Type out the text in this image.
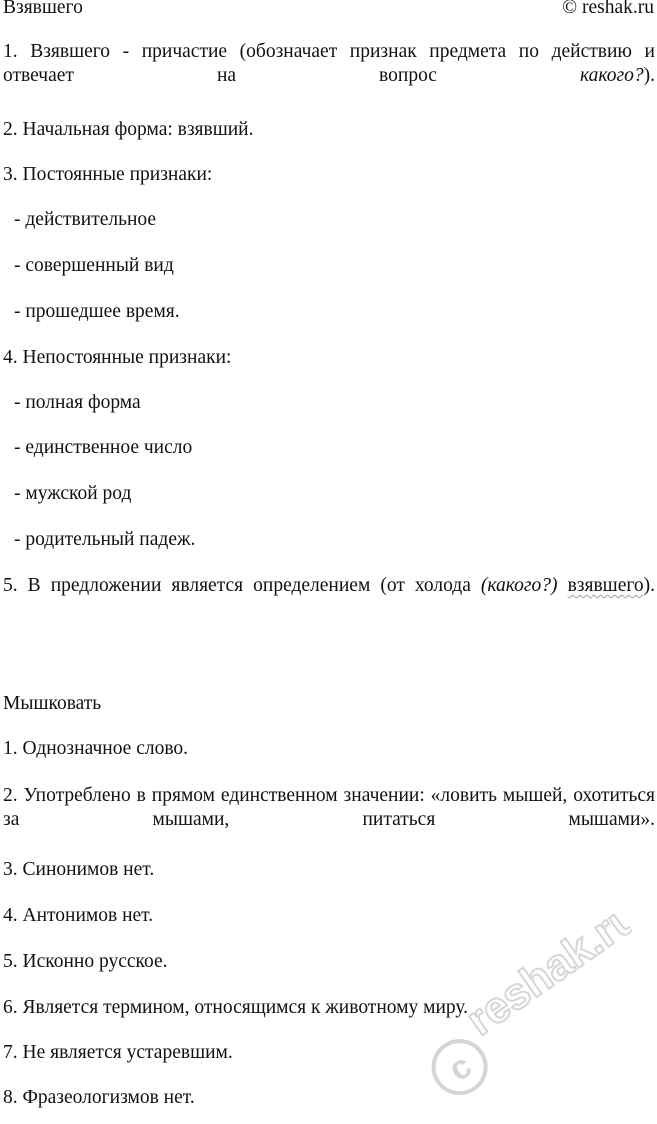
Взявшего	© reshak.ru
1. Взявшего - причастие (обозначает признак предмета по действию и отвечает на вопрос какого?).
2. Начальная форма: взявший.
3. Постоянные признаки:
- действительное
- совершенный вид
- прошедшее время.
4. Непостоянные признаки:
- полная форма
- единственное число
- мужской род
- родительный падеж.
5. В предложении является определением (от холода (какого?) взявшего).
Мышковать
1. Однозначное слово.
2. Употреблено в прямом единственном значении: «ловить мышей, охотиться за мышами, питаться мышами».
3. Синонимов нет.
4. Антонимов нет.
5. Исконно русское.
6. Является термином, относящимся к животному миру.
7. Не является устаревшим.
8. Фразеологизмов нет.
c
reshak.ru
